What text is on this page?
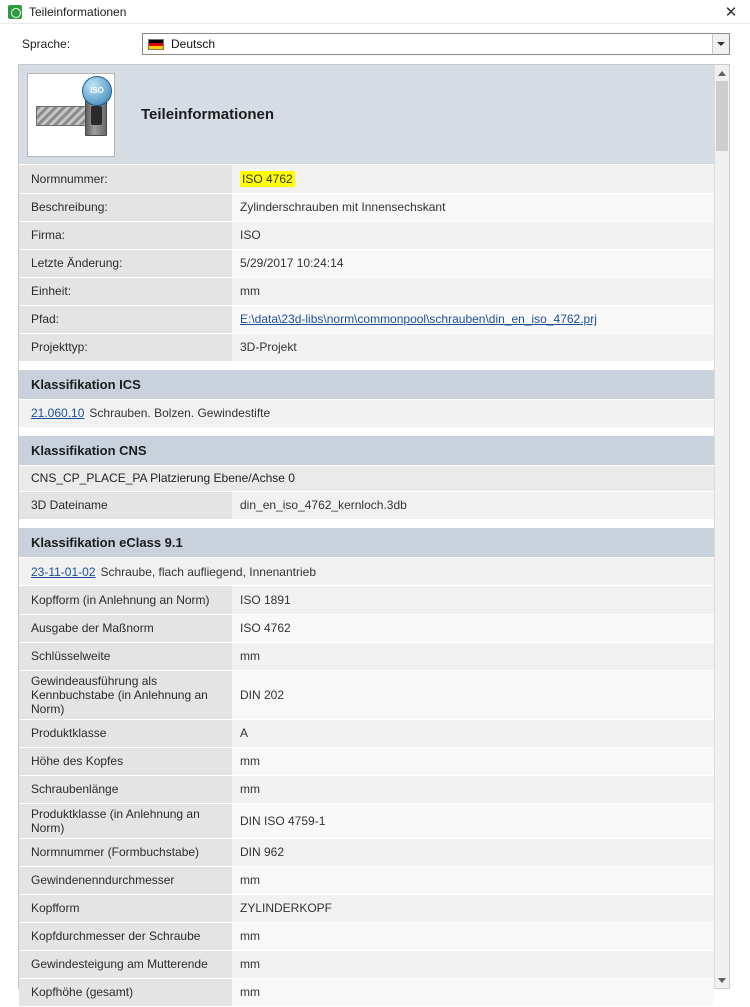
Teileinformationen	✕
Sprache:	Deutsch
ISO
Teileinformationen
Normnummer:	ISO 4762
Beschreibung:	Zylinderschrauben mit Innensechskant
Firma:	ISO
Letzte Änderung:	5/29/2017 10:24:14
Einheit:	mm
Pfad:	E:\data\23d-libs\norm\commonpool\schrauben\din_en_iso_4762.prj
Projekttyp:	3D-Projekt
Klassifikation ICS
21.060.10 Schrauben. Bolzen. Gewindestifte
Klassifikation CNS
CNS_CP_PLACE_PA Platzierung Ebene/Achse 0
3D Dateiname	din_en_iso_4762_kernloch.3db
Klassifikation eClass 9.1
23-11-01-02 Schraube, flach aufliegend, Innenantrieb
Kopfform (in Anlehnung an Norm)	ISO 1891
Ausgabe der Maßnorm	ISO 4762
Schlüsselweite	mm
Gewindeausführung als Kennbuchstabe (in Anlehnung an Norm)	DIN 202
Produktklasse	A
Höhe des Kopfes	mm
Schraubenlänge	mm
Produktklasse (in Anlehnung an Norm)	DIN ISO 4759-1
Normnummer (Formbuchstabe)	DIN 962
Gewindenenndurchmesser	mm
Kopfform	ZYLINDERKOPF
Kopfdurchmesser der Schraube	mm
Gewindesteigung am Mutterende	mm
Kopfhöhe (gesamt)	mm
